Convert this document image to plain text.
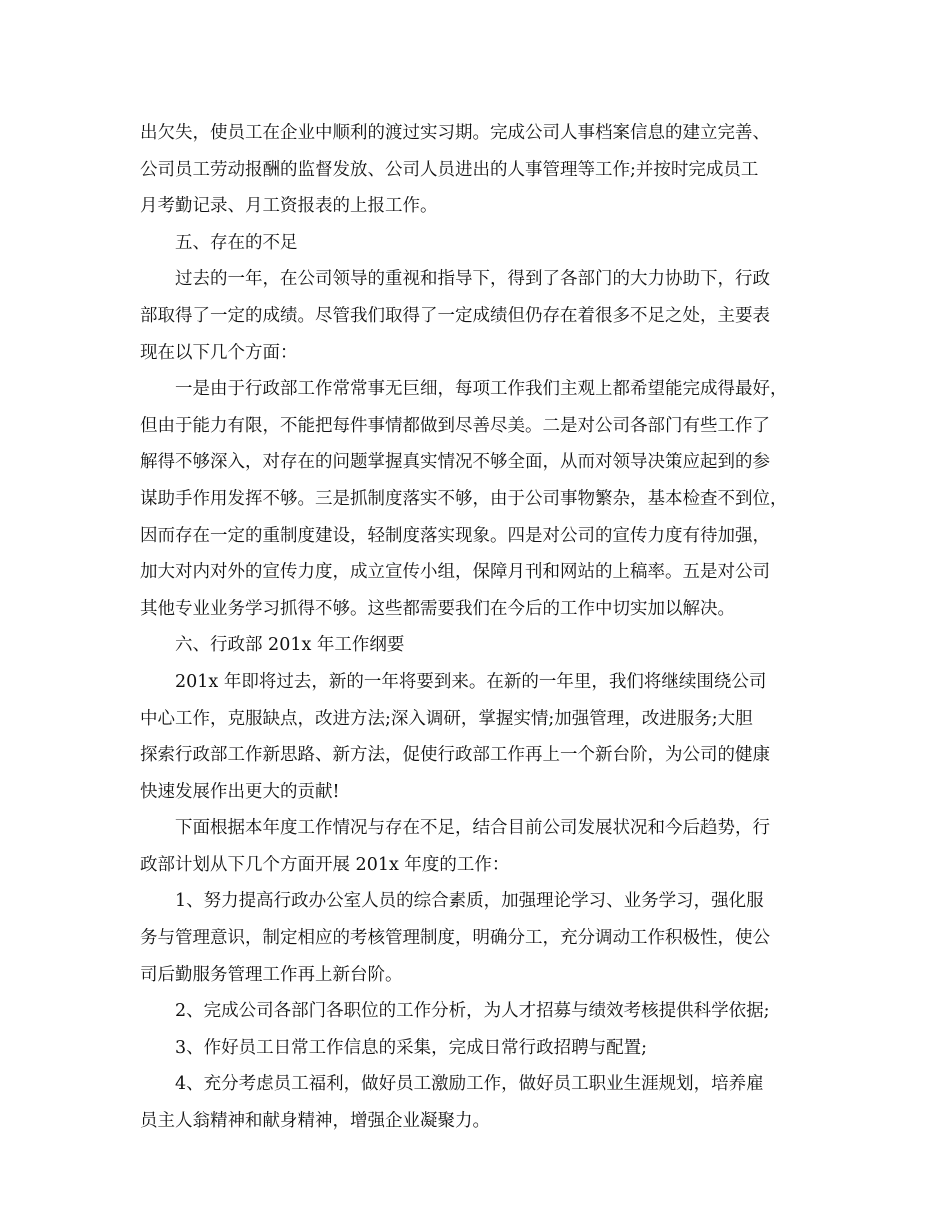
出欠失，使员工在企业中顺利的渡过实习期。完成公司人事档案信息的建立完善、
公司员工劳动报酬的监督发放、公司人员进出的人事管理等工作;并按时完成员工
月考勤记录、月工资报表的上报工作。
五、存在的不足
过去的一年，在公司领导的重视和指导下，得到了各部门的大力协助下，行政
部取得了一定的成绩。尽管我们取得了一定成绩但仍存在着很多不足之处，主要表
现在以下几个方面：
一是由于行政部工作常常事无巨细，每项工作我们主观上都希望能完成得最好，
但由于能力有限，不能把每件事情都做到尽善尽美。二是对公司各部门有些工作了
解得不够深入，对存在的问题掌握真实情况不够全面，从而对领导决策应起到的参
谋助手作用发挥不够。三是抓制度落实不够，由于公司事物繁杂，基本检查不到位，
因而存在一定的重制度建设，轻制度落实现象。四是对公司的宣传力度有待加强，
加大对内对外的宣传力度，成立宣传小组，保障月刊和网站的上稿率。五是对公司
其他专业业务学习抓得不够。这些都需要我们在今后的工作中切实加以解决。
六、行政部 201x 年工作纲要
201x 年即将过去，新的一年将要到来。在新的一年里，我们将继续围绕公司
中心工作，克服缺点，改进方法;深入调研，掌握实情;加强管理，改进服务;大胆
探索行政部工作新思路、新方法，促使行政部工作再上一个新台阶，为公司的健康
快速发展作出更大的贡献!
下面根据本年度工作情况与存在不足，结合目前公司发展状况和今后趋势，行
政部计划从下几个方面开展 201x 年度的工作：
1、努力提高行政办公室人员的综合素质，加强理论学习、业务学习，强化服
务与管理意识，制定相应的考核管理制度，明确分工，充分调动工作积极性，使公
司后勤服务管理工作再上新台阶。
2、完成公司各部门各职位的工作分析，为人才招募与绩效考核提供科学依据;
3、作好员工日常工作信息的采集，完成日常行政招聘与配置;
4、充分考虑员工福利，做好员工激励工作，做好员工职业生涯规划，培养雇
员主人翁精神和献身精神，增强企业凝聚力。
